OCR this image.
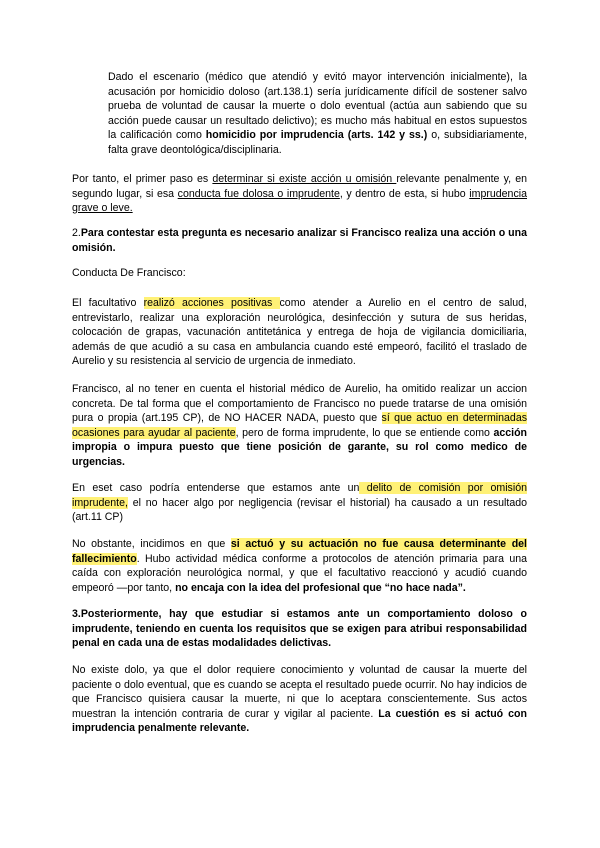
Dado el escenario (médico que atendió y evitó mayor intervención inicialmente), la acusación por homicidio doloso (art.138.1) sería jurídicamente difícil de sostener salvo prueba de voluntad de causar la muerte o dolo eventual (actúa aun sabiendo que su acción puede causar un resultado delictivo); es mucho más habitual en estos supuestos la calificación como homicidio por imprudencia (arts. 142 y ss.) o, subsidiariamente, falta grave deontológica/disciplinaria.

Por tanto, el primer paso es determinar si existe acción u omisión relevante penalmente y, en segundo lugar, si esa conducta fue dolosa o imprudente, y dentro de esta, si hubo imprudencia grave o leve.

2.Para contestar esta pregunta es necesario analizar si Francisco realiza una acción o una omisión.

Conducta De Francisco:

El facultativo realizó acciones positivas como atender a Aurelio en el centro de salud, entrevistarlo, realizar una exploración neurológica, desinfección y sutura de sus heridas, colocación de grapas, vacunación antitetánica y entrega de hoja de vigilancia domiciliaria, además de que acudió a su casa en ambulancia cuando esté empeoró, facilitó el traslado de Aurelio y su resistencia al servicio de urgencia de inmediato.

Francisco, al no tener en cuenta el historial médico de Aurelio, ha omitido realizar un accion concreta. De tal forma que el comportamiento de Francisco no puede tratarse de una omisión pura o propia (art.195 CP), de NO HACER NADA, puesto que sí que actuo en determinadas ocasiones para ayudar al paciente, pero de forma imprudente, lo que se entiende como acción impropia o impura puesto que tiene posición de garante, su rol como medico de urgencias.

En eset caso podría entenderse que estamos ante un delito de comisión por omisión imprudente, el no hacer algo por negligencia (revisar el historial) ha causado a un resultado (art.11 CP)

No obstante, incidimos en que si actuó y su actuación no fue causa determinante del fallecimiento. Hubo actividad médica conforme a protocolos de atención primaria para una caída con exploración neurológica normal, y que el facultativo reaccionó y acudió cuando empeoró —por tanto, no encaja con la idea del profesional que “no hace nada”.

3.Posteriormente, hay que estudiar si estamos ante un comportamiento doloso o imprudente, teniendo en cuenta los requisitos que se exigen para atribui responsabilidad penal en cada una de estas modalidades delictivas.

No existe dolo, ya que el dolor requiere conocimiento y voluntad de causar la muerte del paciente o dolo eventual, que es cuando se acepta el resultado puede ocurrir. No hay indicios de que Francisco quisiera causar la muerte, ni que lo aceptara conscientemente. Sus actos muestran la intención contraria de curar y vigilar al paciente. La cuestión es si actuó con imprudencia penalmente relevante.
